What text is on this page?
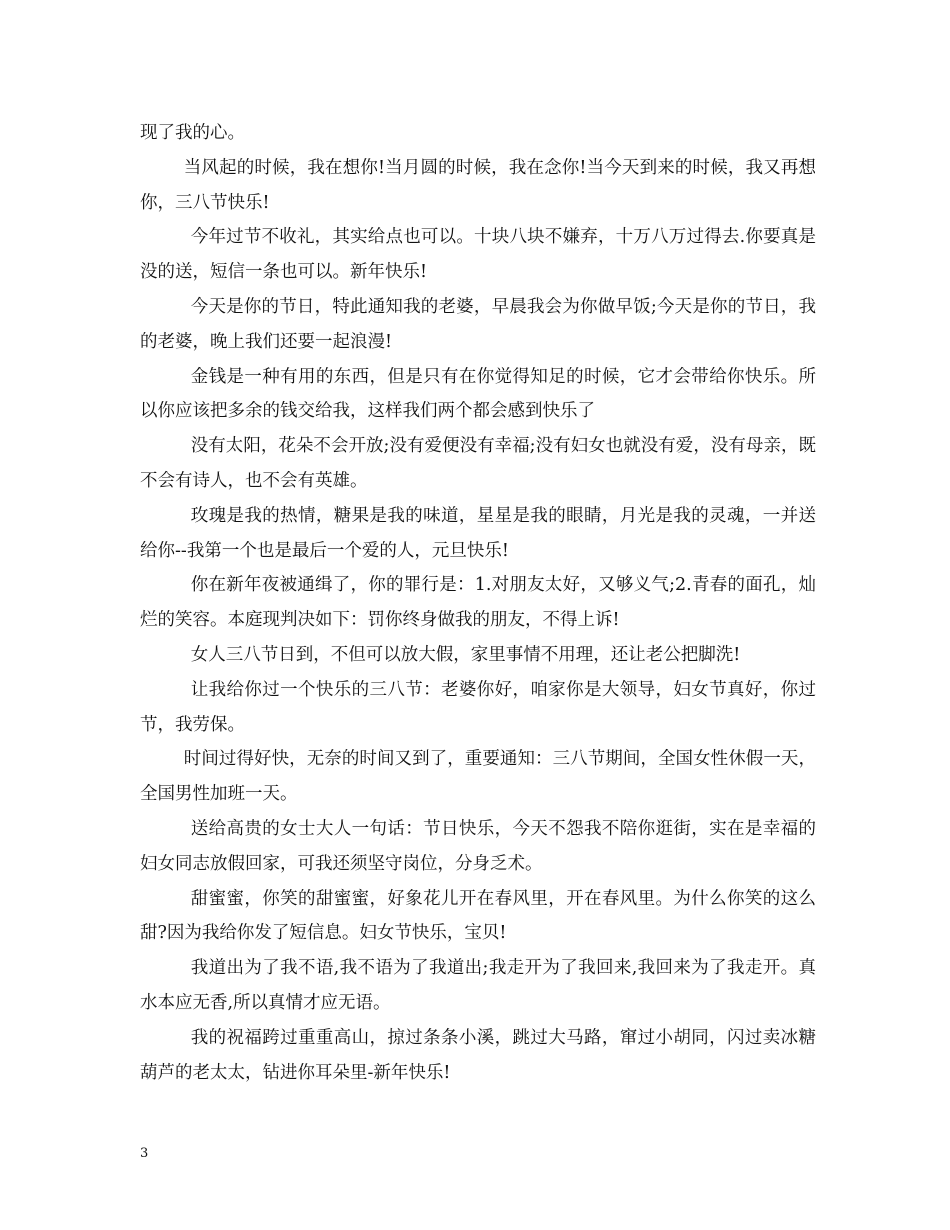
现了我的心。

当风起的时候，我在想你!当月圆的时候，我在念你!当今天到来的时候，我又再想你，三八节快乐!

今年过节不收礼，其实给点也可以。十块八块不嫌弃，十万八万过得去.你要真是没的送，短信一条也可以。新年快乐!

今天是你的节日，特此通知我的老婆，早晨我会为你做早饭;今天是你的节日，我的老婆，晚上我们还要一起浪漫!

金钱是一种有用的东西，但是只有在你觉得知足的时候，它才会带给你快乐。所以你应该把多余的钱交给我，这样我们两个都会感到快乐了

没有太阳，花朵不会开放;没有爱便没有幸福;没有妇女也就没有爱，没有母亲，既不会有诗人，也不会有英雄。

玫瑰是我的热情，糖果是我的味道，星星是我的眼睛，月光是我的灵魂，一并送给你--我第一个也是最后一个爱的人，元旦快乐!

你在新年夜被通缉了，你的罪行是：1.对朋友太好，又够义气;2.青春的面孔，灿烂的笑容。本庭现判决如下：罚你终身做我的朋友，不得上诉!

女人三八节日到，不但可以放大假，家里事情不用理，还让老公把脚洗!

让我给你过一个快乐的三八节：老婆你好，咱家你是大领导，妇女节真好，你过节，我劳保。

时间过得好快，无奈的时间又到了，重要通知：三八节期间，全国女性休假一天，全国男性加班一天。

送给高贵的女士大人一句话：节日快乐，今天不怨我不陪你逛街，实在是幸福的妇女同志放假回家，可我还须坚守岗位，分身乏术。

甜蜜蜜，你笑的甜蜜蜜，好象花儿开在春风里，开在春风里。为什么你笑的这么甜?因为我给你发了短信息。妇女节快乐，宝贝!

我道出为了我不语,我不语为了我道出;我走开为了我回来,我回来为了我走开。真水本应无香,所以真情才应无语。

我的祝福跨过重重高山，掠过条条小溪，跳过大马路，窜过小胡同，闪过卖冰糖葫芦的老太太，钻进你耳朵里-新年快乐!

3
